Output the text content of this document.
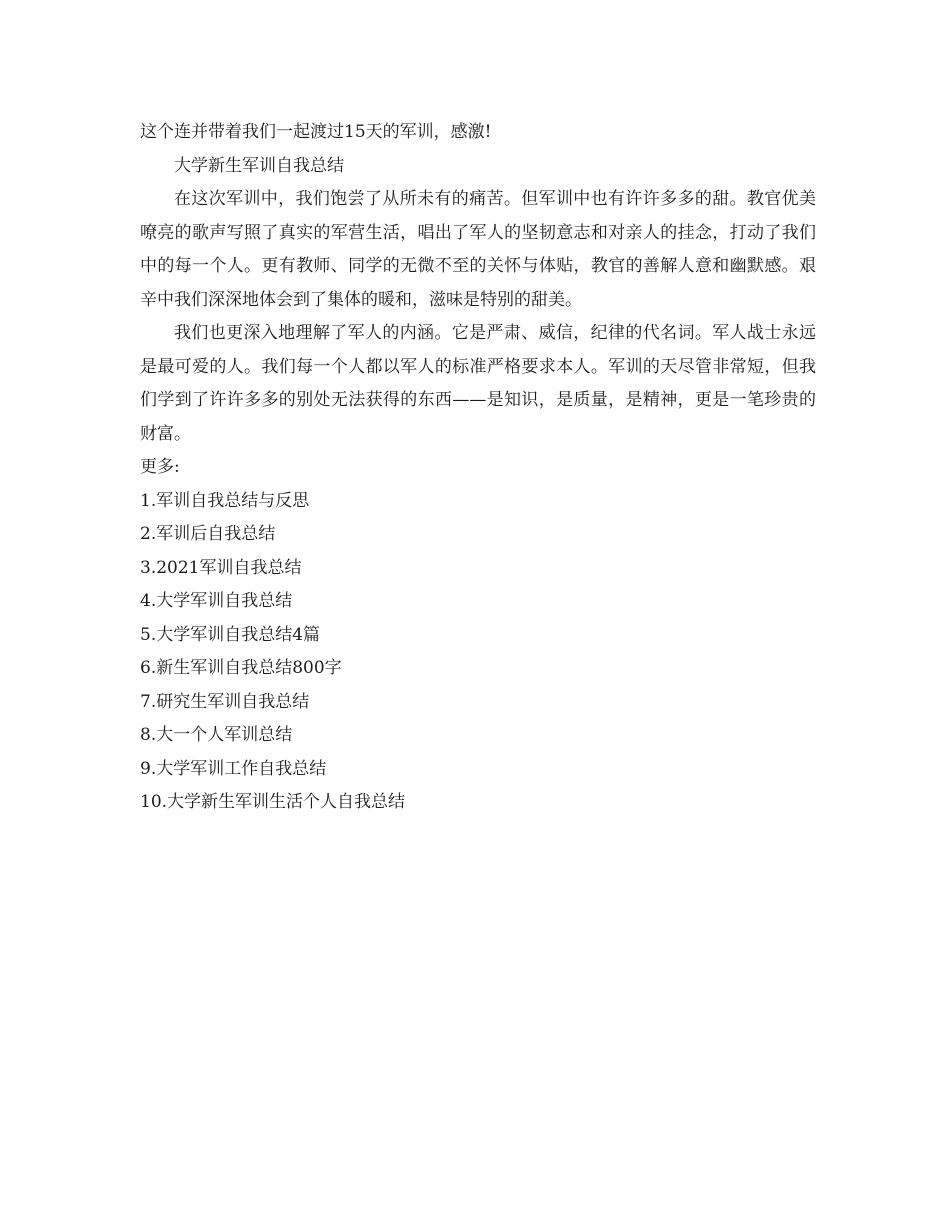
这个连并带着我们一起渡过15天的军训，感激!

大学新生军训自我总结

在这次军训中，我们饱尝了从所未有的痛苦。但军训中也有许许多多的甜。教官优美嘹亮的歌声写照了真实的军营生活，唱出了军人的坚韧意志和对亲人的挂念，打动了我们中的每一个人。更有教师、同学的无微不至的关怀与体贴，教官的善解人意和幽默感。艰辛中我们深深地体会到了集体的暖和，滋味是特别的甜美。

我们也更深入地理解了军人的内涵。它是严肃、威信，纪律的代名词。军人战士永远是最可爱的人。我们每一个人都以军人的标准严格要求本人。军训的天尽管非常短，但我们学到了许许多多的别处无法获得的东西——是知识，是质量，是精神，更是一笔珍贵的财富。

更多:

1.军训自我总结与反思
2.军训后自我总结
3.2021军训自我总结
4.大学军训自我总结
5.大学军训自我总结4篇
6.新生军训自我总结800字
7.研究生军训自我总结
8.大一个人军训总结
9.大学军训工作自我总结
10.大学新生军训生活个人自我总结
